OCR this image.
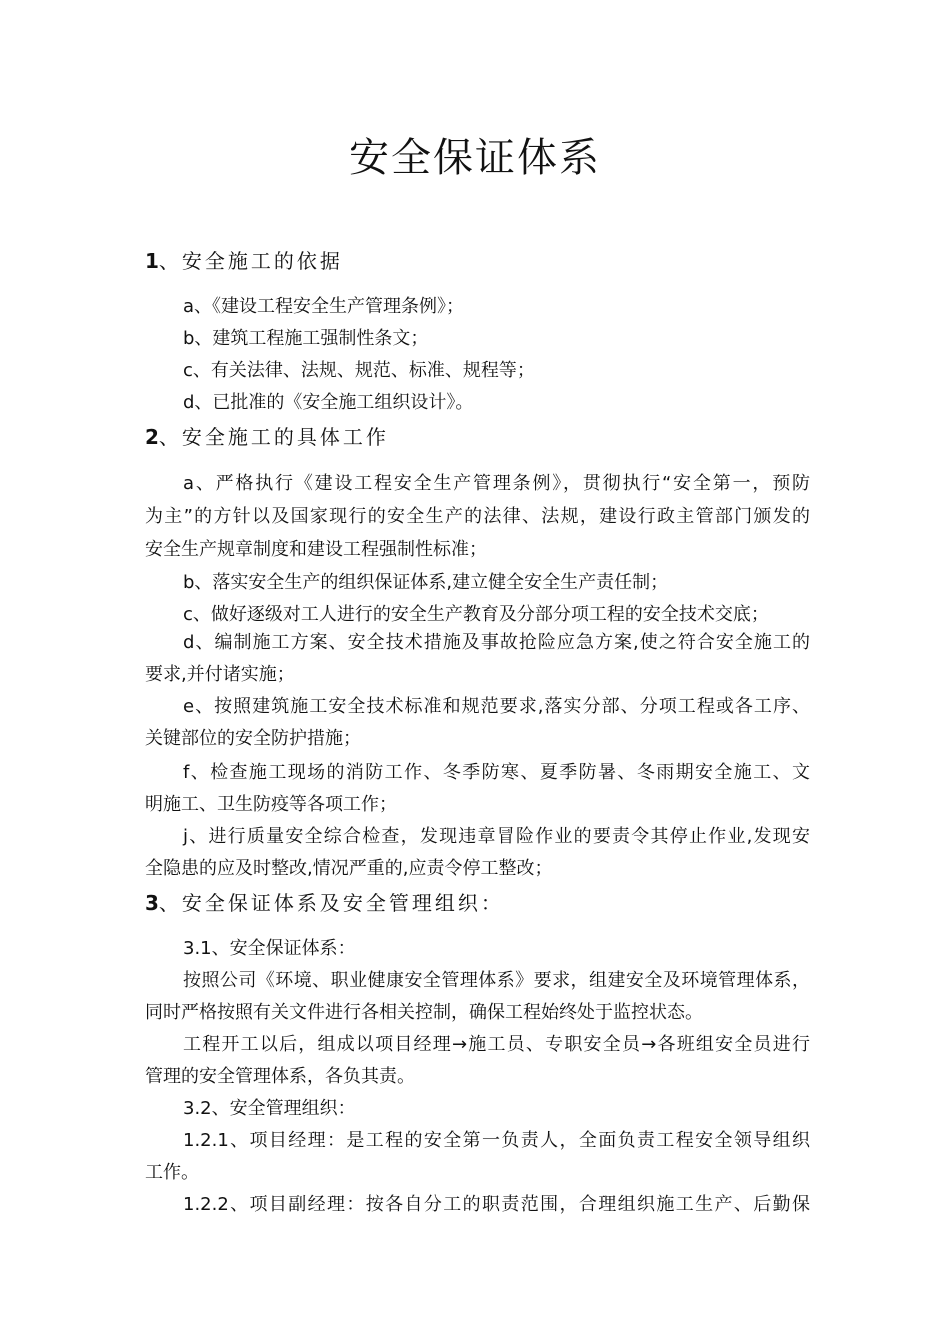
安全保证体系
1、安全施工的依据
a、《建设工程安全生产管理条例》；
b、建筑工程施工强制性条文；
c、有关法律、法规、规范、标准、规程等；
d、已批准的《安全施工组织设计》。
2、安全施工的具体工作
a、严格执行《建设工程安全生产管理条例》，贯彻执行“安全第一，预防
为主”的方针以及国家现行的安全生产的法律、法规，建设行政主管部门颁发的
安全生产规章制度和建设工程强制性标准；
b、落实安全生产的组织保证体系,建立健全安全生产责任制；
c、做好逐级对工人进行的安全生产教育及分部分项工程的安全技术交底；
d、编制施工方案、安全技术措施及事故抢险应急方案,使之符合安全施工的
要求,并付诸实施；
e、按照建筑施工安全技术标准和规范要求,落实分部、分项工程或各工序、
关键部位的安全防护措施；
f、检查施工现场的消防工作、冬季防寒、夏季防暑、冬雨期安全施工、文
明施工、卫生防疫等各项工作；
j、进行质量安全综合检查，发现违章冒险作业的要责令其停止作业,发现安
全隐患的应及时整改,情况严重的,应责令停工整改；
3、安全保证体系及安全管理组织：
3.1、安全保证体系：
按照公司《环境、职业健康安全管理体系》要求，组建安全及环境管理体系，
同时严格按照有关文件进行各相关控制，确保工程始终处于监控状态。
工程开工以后，组成以项目经理→施工员、专职安全员→各班组安全员进行
管理的安全管理体系，各负其责。
3.2、安全管理组织：
1.2.1、项目经理：是工程的安全第一负责人，全面负责工程安全领导组织
工作。
1.2.2、项目副经理：按各自分工的职责范围，合理组织施工生产、后勤保
